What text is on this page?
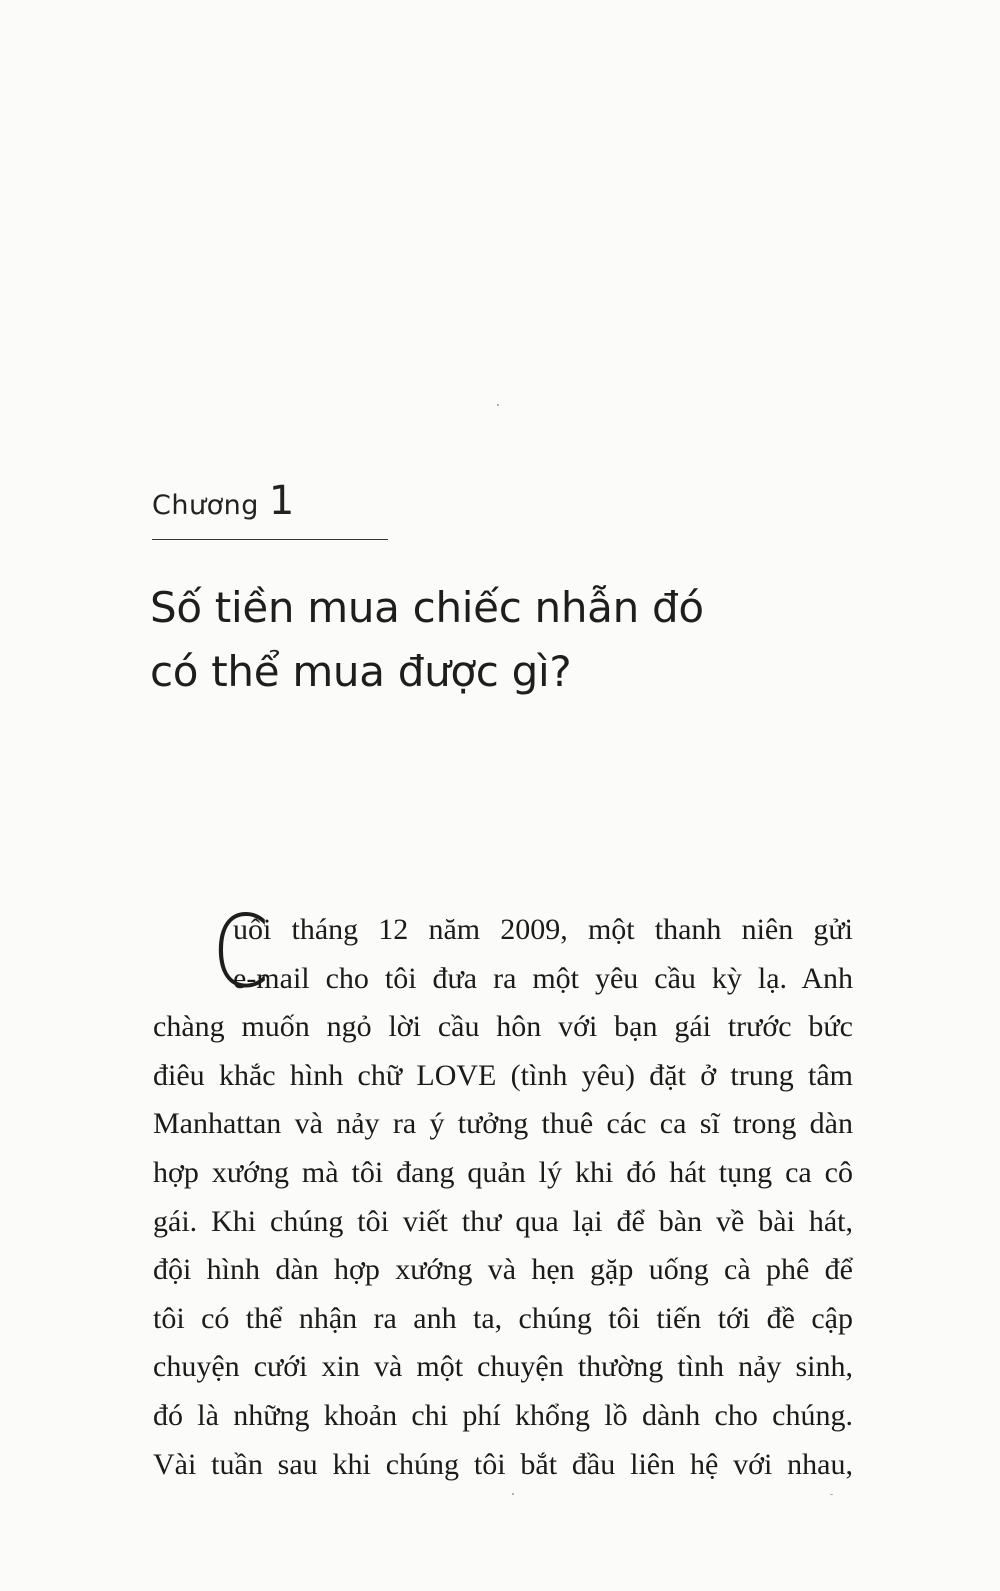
Chương 1
Số tiền mua chiếc nhẫn đó
có thể mua được gì?
C
uối tháng 12 năm 2009, một thanh niên gửi
e-mail cho tôi đưa ra một yêu cầu kỳ lạ. Anh
chàng muốn ngỏ lời cầu hôn với bạn gái trước bức
điêu khắc hình chữ LOVE (tình yêu) đặt ở trung tâm
Manhattan và nảy ra ý tưởng thuê các ca sĩ trong dàn
hợp xướng mà tôi đang quản lý khi đó hát tụng ca cô
gái. Khi chúng tôi viết thư qua lại để bàn về bài hát,
đội hình dàn hợp xướng và hẹn gặp uống cà phê để
tôi có thể nhận ra anh ta, chúng tôi tiến tới đề cập
chuyện cưới xin và một chuyện thường tình nảy sinh,
đó là những khoản chi phí khổng lồ dành cho chúng.
Vài tuần sau khi chúng tôi bắt đầu liên hệ với nhau,
